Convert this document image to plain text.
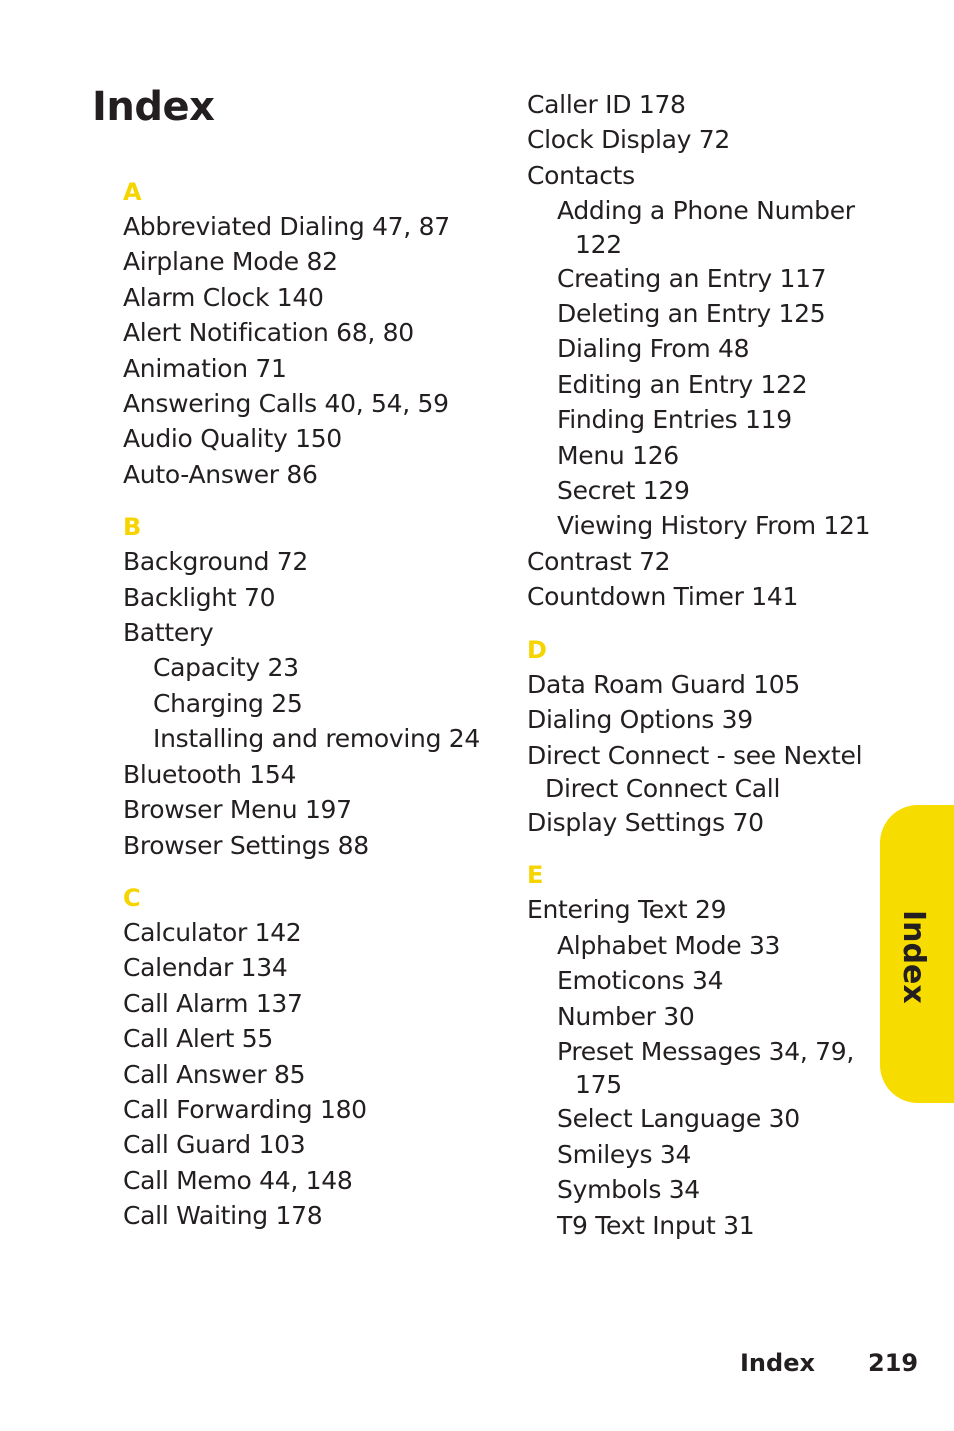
Index
A
Abbreviated Dialing 47, 87
Airplane Mode 82
Alarm Clock 140
Alert Notification 68, 80
Animation 71
Answering Calls 40, 54, 59
Audio Quality 150
Auto-Answer 86
B
Background 72
Backlight 70
Battery
Capacity 23
Charging 25
Installing and removing 24
Bluetooth 154
Browser Menu 197
Browser Settings 88
C
Calculator 142
Calendar 134
Call Alarm 137
Call Alert 55
Call Answer 85
Call Forwarding 180
Call Guard 103
Call Memo 44, 148
Call Waiting 178
Caller ID 178
Clock Display 72
Contacts
Adding a Phone Number
122
Creating an Entry 117
Deleting an Entry 125
Dialing From 48
Editing an Entry 122
Finding Entries 119
Menu 126
Secret 129
Viewing History From 121
Contrast 72
Countdown Timer 141
D
Data Roam Guard 105
Dialing Options 39
Direct Connect - see Nextel
Direct Connect Call
Display Settings 70
E
Entering Text 29
Alphabet Mode 33
Emoticons 34
Number 30
Preset Messages 34, 79,
175
Select Language 30
Smileys 34
Symbols 34
T9 Text Input 31
Index
Index 219
